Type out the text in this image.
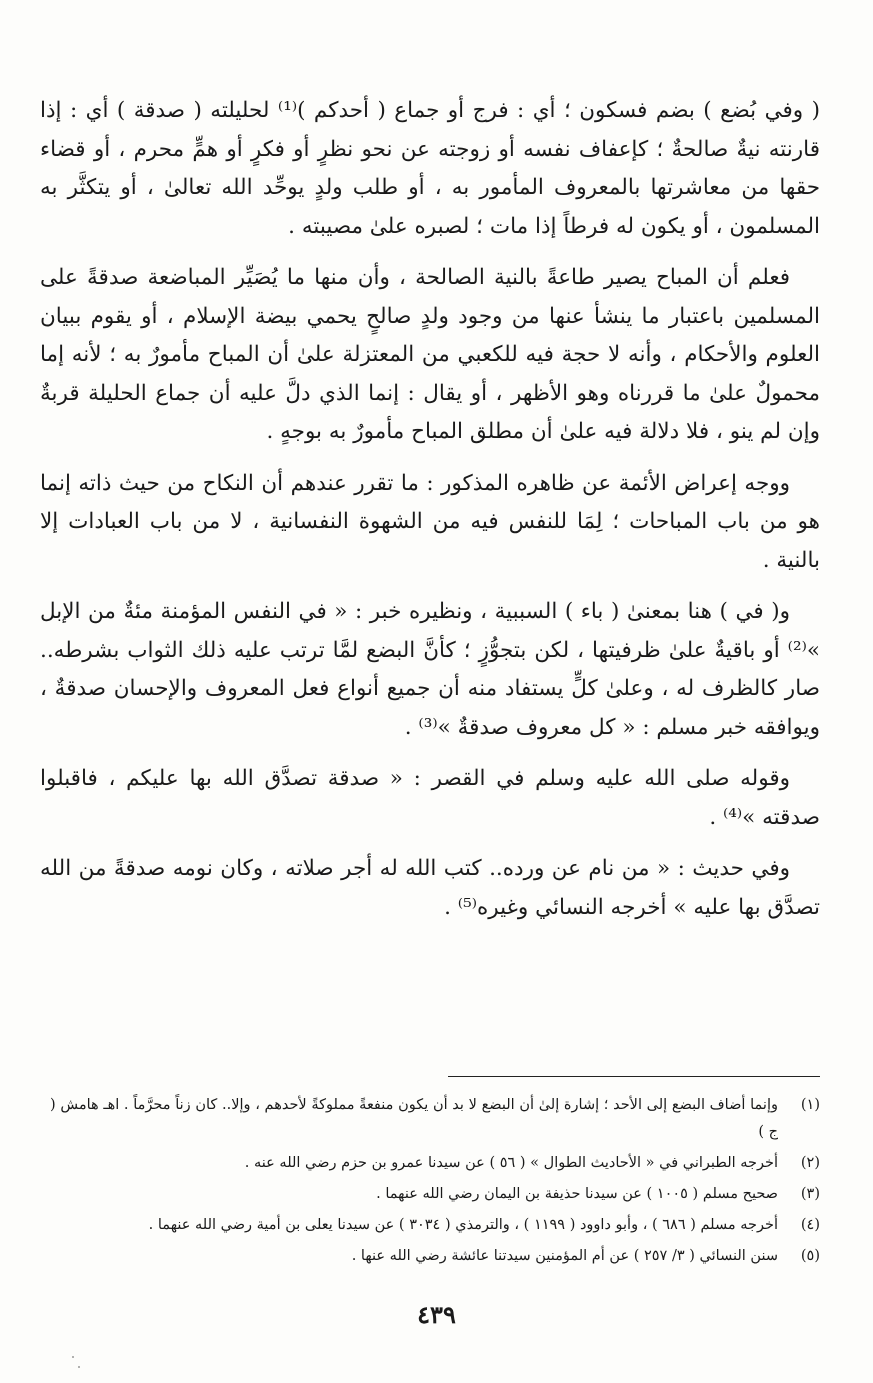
( وفي بُضع ) بضم فسكون ؛ أي : فرج أو جماع ( أحدكم )⁽¹⁾ لحليلته ( صدقة ) أي : إذا قارنته نيةٌ صالحةٌ ؛ كإعفاف نفسه أو زوجته عن نحو نظرٍ أو فكرٍ أو همٍّ محرم ، أو قضاء حقها من معاشرتها بالمعروف المأمور به ، أو طلب ولدٍ يوحِّد الله تعالىٰ ، أو يتكثَّر به المسلمون ، أو يكون له فرطاً إذا مات ؛ لصبره علىٰ مصيبته .

فعلم أن المباح يصير طاعةً بالنية الصالحة ، وأن منها ما يُصَيِّر المباضعة صدقةً على المسلمين باعتبار ما ينشأ عنها من وجود ولدٍ صالحٍ يحمي بيضة الإسلام ، أو يقوم ببيان العلوم والأحكام ، وأنه لا حجة فيه للكعبي من المعتزلة علىٰ أن المباح مأمورٌ به ؛ لأنه إما محمولٌ علىٰ ما قررناه وهو الأظهر ، أو يقال : إنما الذي دلَّ عليه أن جماع الحليلة قربةٌ وإن لم ينو ، فلا دلالة فيه علىٰ أن مطلق المباح مأمورٌ به بوجهٍ .

ووجه إعراض الأئمة عن ظاهره المذكور : ما تقرر عندهم أن النكاح من حيث ذاته إنما هو من باب المباحات ؛ لِمَا للنفس فيه من الشهوة النفسانية ، لا من باب العبادات إلا بالنية .

و( في ) هنا بمعنىٰ ( باء ) السببية ، ونظيره خبر : « في النفس المؤمنة مئةٌ من الإبل »⁽²⁾ أو باقيةٌ علىٰ ظرفيتها ، لكن بتجوُّزٍ ؛ كأنَّ البضع لمَّا ترتب عليه ذلك الثواب بشرطه.. صار كالظرف له ، وعلىٰ كلٍّ يستفاد منه أن جميع أنواع فعل المعروف والإحسان صدقةٌ ، ويوافقه خبر مسلم : « كل معروف صدقةٌ »⁽³⁾ .

وقوله صلى الله عليه وسلم في القصر : « صدقة تصدَّق الله بها عليكم ، فاقبلوا صدقته »⁽⁴⁾ .

وفي حديث : « من نام عن ورده.. كتب الله له أجر صلاته ، وكان نومه صدقةً من الله تصدَّق بها عليه » أخرجه النسائي وغيره⁽⁵⁾ .

(١)
وإنما أضاف البضع إلى الأحد ؛ إشارة إلىٰ أن البضع لا بد أن يكون منفعةً مملوكةً لأحدهم ، وإلا.. كان زناً محرَّماً . اهـ هامش ( ج )
(٢)
أخرجه الطبراني في « الأحاديث الطوال » ( ٥٦ ) عن سيدنا عمرو بن حزم رضي الله عنه .
(٣)
صحيح مسلم ( ١٠٠٥ ) عن سيدنا حذيفة بن اليمان رضي الله عنهما .
(٤)
أخرجه مسلم ( ٦٨٦ ) ، وأبو داوود ( ١١٩٩ ) ، والترمذي ( ٣٠٣٤ ) عن سيدنا يعلى بن أمية رضي الله عنهما .
(٥)
سنن النسائي ( ٣/ ٢٥٧ ) عن أم المؤمنين سيدتنا عائشة رضي الله عنها .
٤٣٩
